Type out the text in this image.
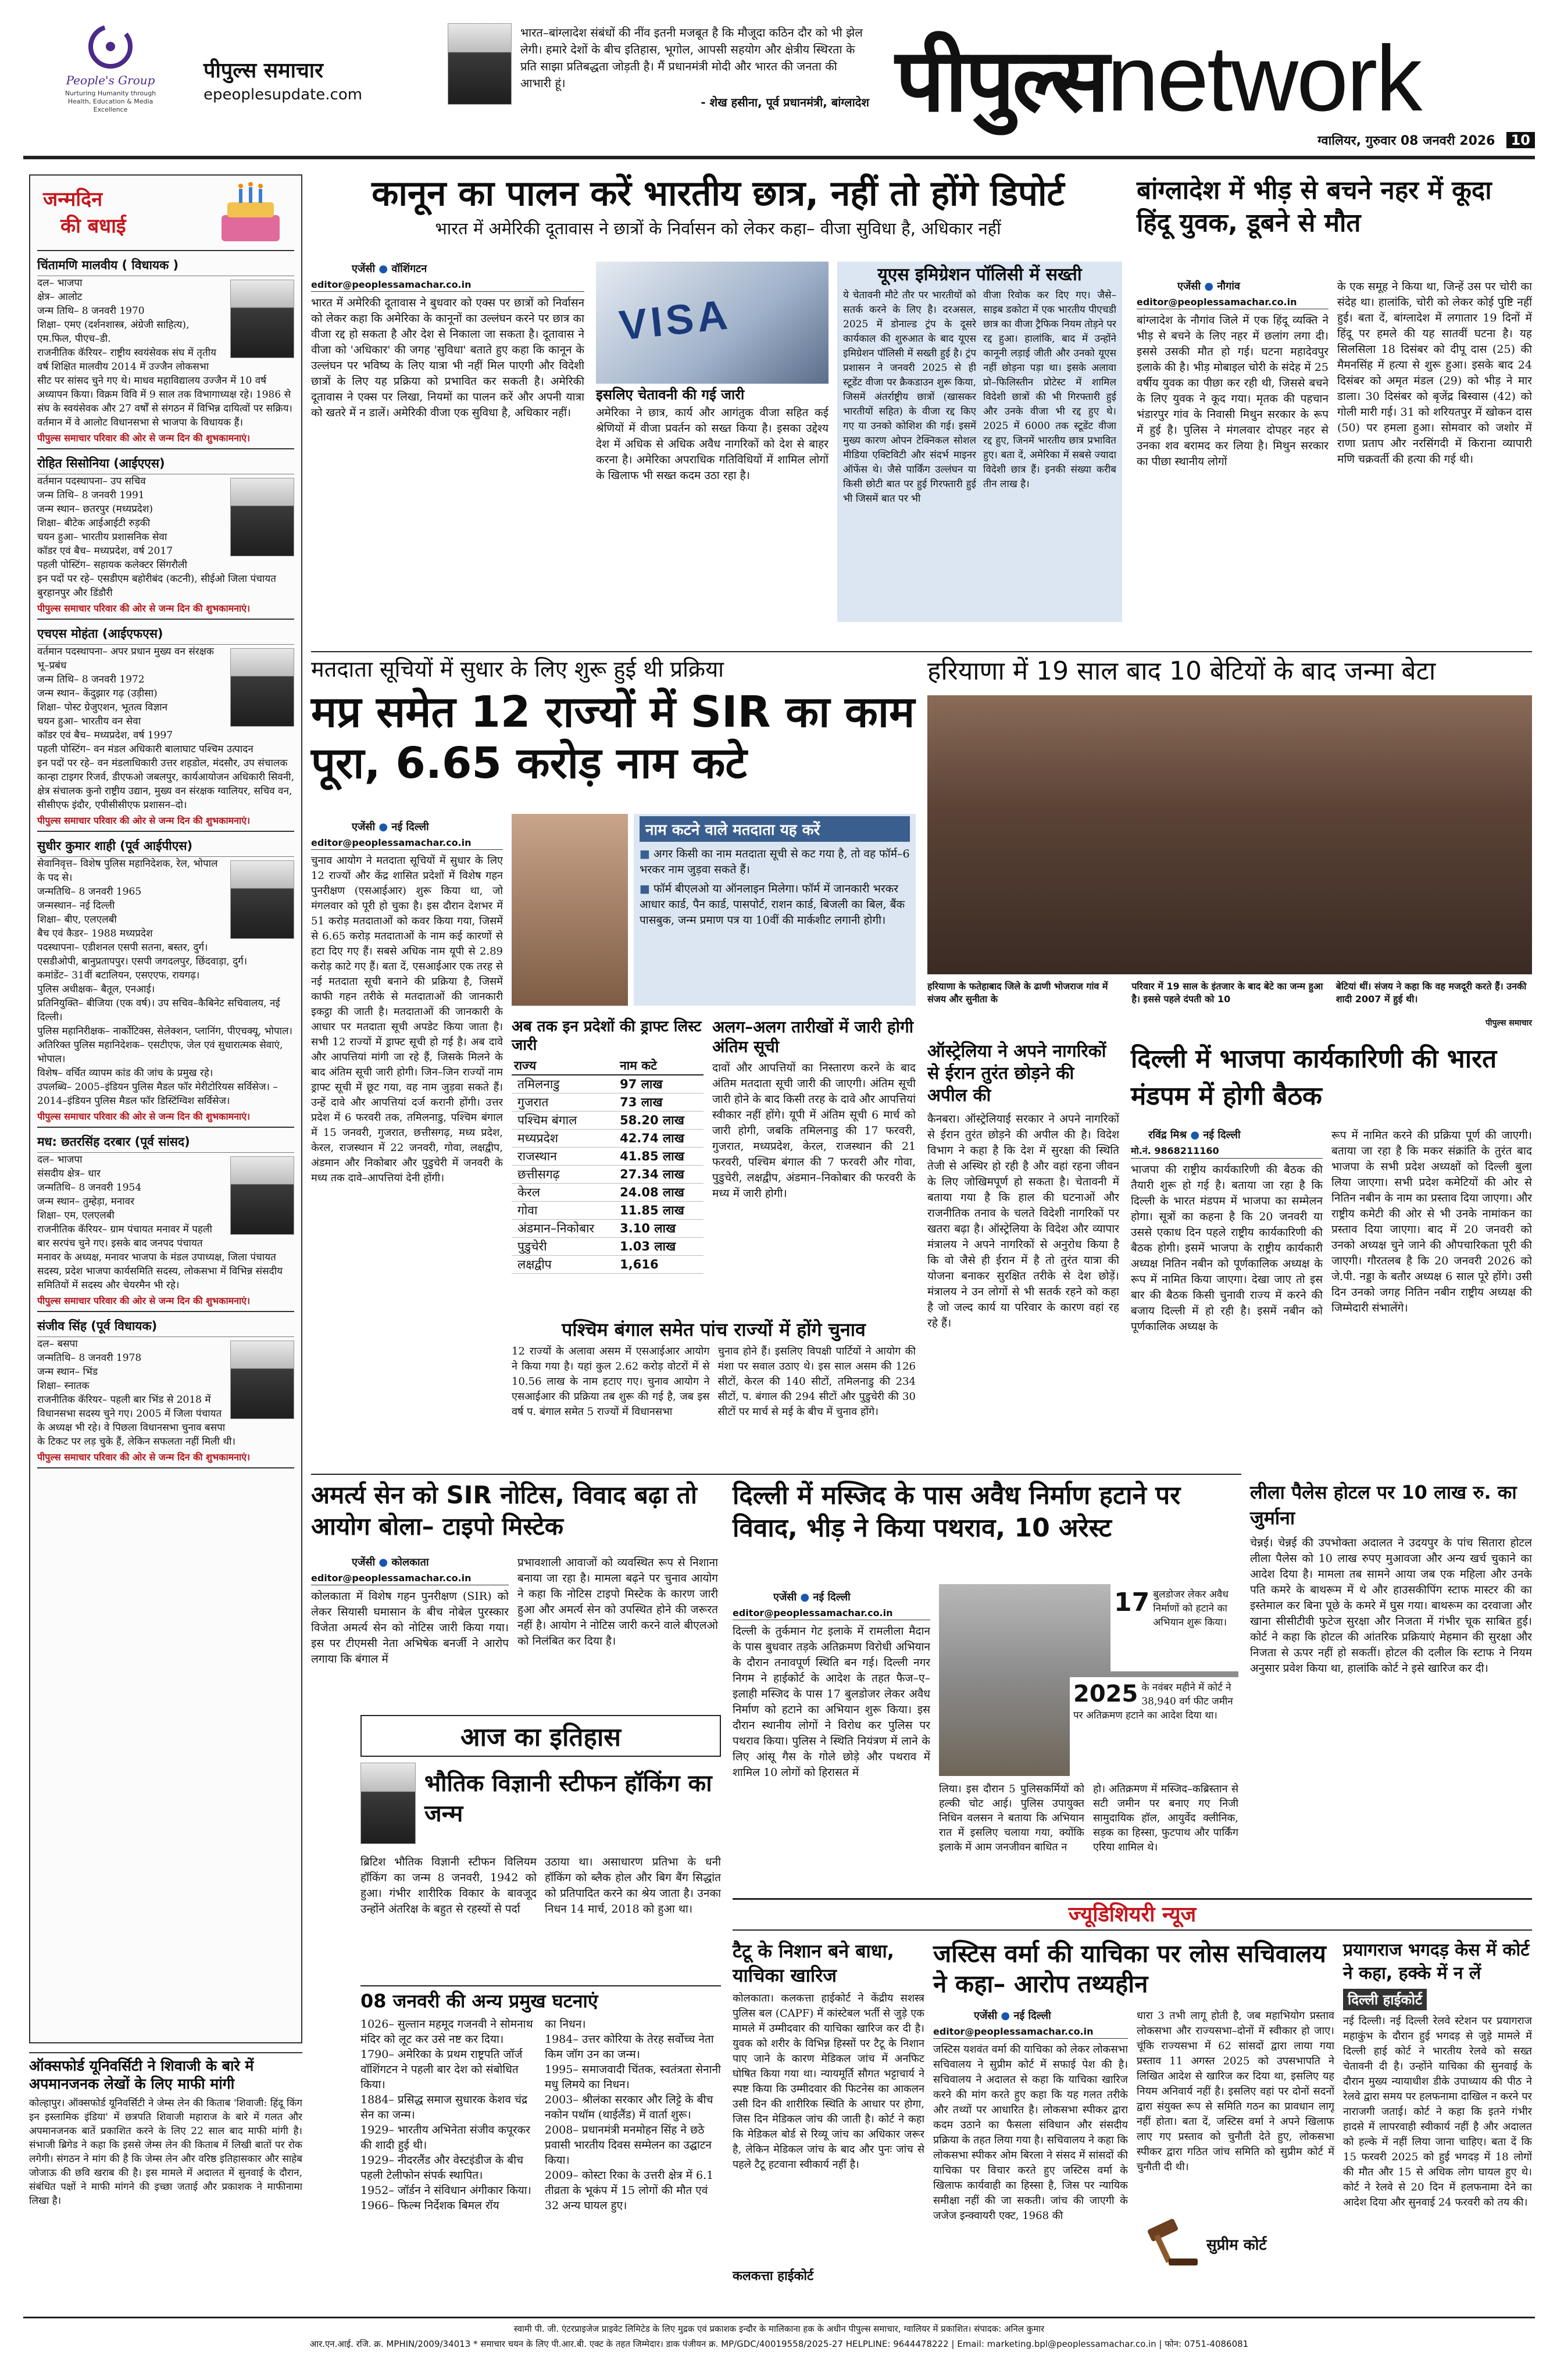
People's Group
Nurturing Humanity through Health, Education & Media Excellence
पीपुल्स समाचार
epeoplesupdate.com
भारत–बांग्लादेश संबंधों की नींव इतनी मजबूत है कि मौजूदा कठिन दौर को भी झेल लेगी। हमारे देशों के बीच इतिहास, भूगोल, आपसी सहयोग और क्षेत्रीय स्थिरता के प्रति साझा प्रतिबद्धता जोड़ती है। मैं प्रधानमंत्री मोदी और भारत की जनता की आभारी हूं।
- शेख हसीना, पूर्व प्रधानमंत्री, बांग्लादेश पीपुल्सnetwork
ग्वालियर, गुरुवार 08 जनवरी 2026 10
जन्मदिन
की बधाई
चिंतामणि मालवीय ( विधायक )
दल– भाजपा
क्षेत्र– आलोट
जन्म तिथि– 8 जनवरी 1970
शिक्षा– एमए (दर्शनशास्त्र, अंग्रेजी साहित्य), एम.फिल, पीएच–डी.
राजनीतिक कॅरियर– राष्ट्रीय स्वयंसेवक संघ में तृतीय वर्ष शिक्षित मालवीय 2014 में उज्जैन लोकसभा सीट पर सांसद चुने गए थे। माधव महाविद्यालय उज्जैन में 10 वर्ष अध्यापन किया। विक्रम विवि में 9 साल तक विभागाध्यक्ष रहे। 1986 से संघ के स्वयंसेवक और 27 वर्षों से संगठन में विभिन्न दायित्वों पर सक्रिय। वर्तमान में वे आलोट विधानसभा से भाजपा के विधायक हैं।
पीपुल्स समाचार परिवार की ओर से जन्म दिन की शुभकामनाएं।
रोहित सिसोनिया (आईएएस)
वर्तमान पदस्थापना– उप सचिव
जन्म तिथि– 8 जनवरी 1991
जन्म स्थान– छतरपुर (मध्यप्रदेश)
शिक्षा– बीटेक आईआईटी रुड़की
चयन हुआ– भारतीय प्रशासनिक सेवा
कॉडर एवं बैच– मध्यप्रदेश, वर्ष 2017
पहली पोस्टिंग– सहायक कलेक्टर सिंगरौली
इन पदों पर रहे– एसडीएम बहोरीबंद (कटनी), सीईओ जिला पंचायत बुरहानपुर और डिंडौरी
पीपुल्स समाचार परिवार की ओर से जन्म दिन की शुभकामनाएं।
एचएस मोहंता (आईएफएस)
वर्तमान पदस्थापना– अपर प्रधान मुख्य वन संरक्षक भू–प्रबंध
जन्म तिथि– 8 जनवरी 1972
जन्म स्थान– केंदुझार गढ़ (उड़ीसा)
शिक्षा– पोस्ट ग्रेजुएशन, भूतत्व विज्ञान
चयन हुआ– भारतीय वन सेवा
कॉडर एवं बैच– मध्यप्रदेश, वर्ष 1997
पहली पोस्टिंग– वन मंडल अधिकारी बालाघाट पश्चिम उत्पादन
इन पदों पर रहे– वन मंडलाधिकारी उत्तर शहडोल, मंदसौर, उप संचालक कान्हा टाइगर रिजर्व, डीएफओ जबलपुर, कार्यआयोजन अधिकारी सिवनी, क्षेत्र संचालक कुनो राष्ट्रीय उद्यान, मुख्य वन संरक्षक ग्वालियर, सचिव वन, सीसीएफ इंदौर, एपीसीसीएफ प्रशासन–दो।
पीपुल्स समाचार परिवार की ओर से जन्म दिन की शुभकामनाएं।
सुधीर कुमार शाही (पूर्व आईपीएस)
सेवानिवृत्त– विशेष पुलिस महानिदेशक, रेल, भोपाल के पद से।
जन्मतिथि– 8 जनवरी 1965
जन्मस्थान– नई दिल्ली
शिक्षा– बीए, एलएलबी
बैच एवं कैडर– 1988 मध्यप्रदेश
पदस्थापना– एडीशनल एसपी सतना, बस्तर, दुर्ग। एसडीओपी, बानुप्रतापपुर। एसपी जगदलपुर, छिंदवाड़ा, दुर्ग।
कमांडेंट– 31वीं बटालियन, एसएएफ, रायगढ़।
पुलिस अधीक्षक– बैतूल, एनआई।
प्रतिनियुक्ति– बीजिया (एक वर्ष)। उप सचिव–कैबिनेट सचिवालय, नई दिल्ली।
पुलिस महानिरीक्षक– नार्कोटिक्स, सेलेक्शन, प्लानिंग, पीएचक्यू, भोपाल।
अतिरिक्त पुलिस महानिदेशक– एसटीएफ, जेल एवं सुधारात्मक सेवाएं, भोपाल।
विशेष– वर्चित व्यापम कांड की जांच के प्रमुख रहे।
उपलब्धि– 2005–इंडियन पुलिस मैडल फॉर मेरीटोरियस सर्विसेज। –2014–इंडियन पुलिस मैडल फॉर डिस्टिंग्विश सर्विसेज।
पीपुल्स समाचार परिवार की ओर से जन्म दिन की शुभकामनाएं।
मध: छतरसिंह दरबार (पूर्व सांसद)
दल– भाजपा
संसदीय क्षेत्र– धार
जन्मतिथि– 8 जनवरी 1954
जन्म स्थान– तुम्हेड़ा, मनावर
शिक्षा– एम, एलएलबी
राजनीतिक कॅरियर– ग्राम पंचायत मनावर में पहली बार सरपंच चुने गए। इसके बाद जनपद पंचायत मनावर के अध्यक्ष, मनावर भाजपा के मंडल उपाध्यक्ष, जिला पंचायत सदस्य, प्रदेश भाजपा कार्यसमिति सदस्य, लोकसभा में विभिन्न संसदीय समितियों में सदस्य और चेयरमैन भी रहे।
पीपुल्स समाचार परिवार की ओर से जन्म दिन की शुभकामनाएं।
संजीव सिंह (पूर्व विधायक)
दल– बसपा
जन्मतिथि– 8 जनवरी 1978
जन्म स्थान– भिंड
शिक्षा– स्नातक
राजनीतिक कॅरियर– पहली बार भिंड से 2018 में विधानसभा सदस्य चुने गए। 2005 में जिला पंचायत के अध्यक्ष भी रहे। वे पिछला विधानसभा चुनाव बसपा के टिकट पर लड़ चुके हैं, लेकिन सफलता नहीं मिली थी।
पीपुल्स समाचार परिवार की ओर से जन्म दिन की शुभकामनाएं।
ऑक्सफोर्ड यूनिवर्सिटी ने शिवाजी के बारे में अपमानजनक लेखों के लिए माफी मांगी
कोल्हापुर। ऑक्सफोर्ड यूनिवर्सिटी ने जेम्स लेन की किताब 'शिवाजी: हिंदू किंग इन इस्लामिक इंडिया' में छत्रपति शिवाजी महाराज के बारे में गलत और अपमानजनक बातें प्रकाशित करने के लिए 22 साल बाद माफी मांगी है। संभाजी ब्रिगेड ने कहा कि इससे जेम्स लेन की किताब में लिखी बातों पर रोक लगेगी। संगठन ने मांग की है कि जेम्स लेन और वरिष्ठ इतिहासकार और साहेब जोजाऊ की छवि खराब की है। इस मामले में अदालत में सुनवाई के दौरान, संबंधित पक्षों ने माफी मांगने की इच्छा जताई और प्रकाशक ने माफीनामा लिखा है।
कानून का पालन करें भारतीय छात्र, नहीं तो होंगे डिपोर्ट
भारत में अमेरिकी दूतावास ने छात्रों के निर्वासन को लेकर कहा– वीजा सुविधा है, अधिकार नहीं
एजेंसी ● वॉशिंगटन
editor@peoplessamachar.co.in
भारत में अमेरिकी दूतावास ने बुधवार को एक्स पर छात्रों को निर्वासन को लेकर कहा कि अमेरिका के कानूनों का उल्लंघन करने पर छात्र का वीजा रद्द हो सकता है और देश से निकाला जा सकता है। दूतावास ने वीजा को 'अधिकार' की जगह 'सुविधा' बताते हुए कहा कि कानून के उल्लंघन पर भविष्य के लिए यात्रा भी नहीं मिल पाएगी और विदेशी छात्रों के लिए यह प्रक्रिया को प्रभावित कर सकती है। अमेरिकी दूतावास ने एक्स पर लिखा, नियमों का पालन करें और अपनी यात्रा को खतरे में न डालें। अमेरिकी वीजा एक सुविधा है, अधिकार नहीं।
VISA
इसलिए चेतावनी की गई जारी
अमेरिका ने छात्र, कार्य और आगंतुक वीजा सहित कई श्रेणियों में वीजा प्रवर्तन को सख्त किया है। इसका उद्देश्य देश में अधिक से अधिक अवैध नागरिकों को देश से बाहर करना है। अमेरिका अपराधिक गतिविधियों में शामिल लोगों के खिलाफ भी सख्त कदम उठा रहा है।
यूएस इमिग्रेशन पॉलिसी में सख्ती
ये चेतावनी मौटे तौर पर भारतीयों को सतर्क करने के लिए है। दरअसल, 2025 में डोनाल्ड ट्रंप के दूसरे कार्यकाल की शुरुआत के बाद यूएस इमिग्रेशन पॉलिसी में सख्ती हुई है। ट्रंप प्रशासन ने जनवरी 2025 से ही स्टूडेंट वीजा पर क्रैकडाउन शुरू किया, जिसमें अंतर्राष्ट्रीय छात्रों (खासकर भारतीयों सहित) के वीजा रद्द किए गए या उनको कोशिश की गई। इसमें मुख्य कारण ओपन टेक्निकल सोशल मीडिया एक्टिविटी और संदर्भ माइनर ऑफेंस थे। जैसे पार्किंग उल्लंघन या किसी छोटी बात पर हुई गिरफ्तारी हुई भी जिसमें बात पर भी
वीजा रिवोक कर दिए गए। जैसे– साइब डकोटा में एक भारतीय पीएचडी छात्र का वीजा ट्रैफिक नियम तोड़ने पर रद्द हुआ। हालांकि, बाद में उन्होंने कानूनी लड़ाई जीती और उनको यूएस नहीं छोड़ना पड़ा था। इसके अलावा प्रो–फिलिस्तीन प्रोटेस्ट में शामिल विदेशी छात्रों की भी गिरफ्तारी हुई और उनके वीजा भी रद्द हुए थे। 2025 में 6000 तक स्टूडेंट वीजा रद्द हुए, जिनमें भारतीय छात्र प्रभावित हुए। बता दें, अमेरिका में सबसे ज्यादा विदेशी छात्र हैं। इनकी संख्या करीब तीन लाख है।
बांग्लादेश में भीड़ से बचने नहर में कूदा हिंदू युवक, डूबने से मौत
एजेंसी ● नौगांव
editor@peoplessamachar.co.in
बांग्लादेश के नौगांव जिले में एक हिंदू व्यक्ति ने भीड़ से बचने के लिए नहर में छलांग लगा दी। इससे उसकी मौत हो गई। घटना महादेवपुर इलाके की है। भीड़ मोबाइल चोरी के संदेह में 25 वर्षीय युवक का पीछा कर रही थी, जिससे बचने के लिए युवक ने कूद गया। मृतक की पहचान भंडारपुर गांव के निवासी मिथुन सरकार के रूप में हुई है। पुलिस ने मंगलवार दोपहर नहर से उनका शव बरामद कर लिया है। मिथुन सरकार का पीछा स्थानीय लोगों
के एक समूह ने किया था, जिन्हें उस पर चोरी का संदेह था। हालांकि, चोरी को लेकर कोई पुष्टि नहीं हुई। बता दें, बांग्लादेश में लगातार 19 दिनों में हिंदू पर हमले की यह सातवीं घटना है। यह सिलसिला 18 दिसंबर को दीपू दास (25) की मैमनसिंह में हत्या से शुरू हुआ। इसके बाद 24 दिसंबर को अमृत मंडल (29) को भीड़ ने मार डाला। 30 दिसंबर को बृजेंद्र बिस्वास (42) को गोली मारी गई। 31 को शरियतपुर में खोकन दास (50) पर हमला हुआ। सोमवार को जशोर में राणा प्रताप और नरसिंगदी में किराना व्यापारी मणि चक्रवर्ती की हत्या की गई थी।
मतदाता सूचियों में सुधार के लिए शुरू हुई थी प्रक्रिया
मप्र समेत 12 राज्यों में SIR का काम पूरा, 6.65 करोड़ नाम कटे
एजेंसी ● नई दिल्ली
editor@peoplessamachar.co.in
चुनाव आयोग ने मतदाता सूचियों में सुधार के लिए 12 राज्यों और केंद्र शासित प्रदेशों में विशेष गहन पुनरीक्षण (एसआईआर) शुरू किया था, जो मंगलवार को पूरी हो चुका है। इस दौरान देशभर में 51 करोड़ मतदाताओं को कवर किया गया, जिसमें से 6.65 करोड़ मतदाताओं के नाम कई कारणों से हटा दिए गए हैं। सबसे अधिक नाम यूपी से 2.89 करोड़ काटे गए हैं। बता दें, एसआईआर एक तरह से नई मतदाता सूची बनाने की प्रक्रिया है, जिसमें काफी गहन तरीके से मतदाताओं की जानकारी इकट्ठा की जाती है। मतदाताओं की जानकारी के आधार पर मतदाता सूची अपडेट किया जाता है। सभी 12 राज्यों में ड्राफ्ट सूची हो गई है। अब दावे और आपत्तियां मांगी जा रहे हैं, जिसके मिलने के बाद अंतिम सूची जारी होगी। जिन–जिन राज्यों नाम ड्राफ्ट सूची में छूट गया, वह नाम जुड़वा सकते हैं। उन्हें दावे और आपत्तियां दर्ज करानी होंगी। उत्तर प्रदेश में 6 फरवरी तक, तमिलनाडु, पश्चिम बंगाल में 15 जनवरी, गुजरात, छत्तीसगढ़, मध्य प्रदेश, केरल, राजस्थान में 22 जनवरी, गोवा, लक्षद्वीप, अंडमान और निकोबार और पुडुचेरी में जनवरी के मध्य तक दावे–आपत्तियां देनी होंगी।
नाम कटने वाले मतदाता यह करें
■ अगर किसी का नाम मतदाता सूची से कट गया है, तो वह फॉर्म–6 भरकर नाम जुड़वा सकते हैं।
■ फॉर्म बीएलओ या ऑनलाइन मिलेगा। फॉर्म में जानकारी भरकर आधार कार्ड, पैन कार्ड, पासपोर्ट, राशन कार्ड, बिजली का बिल, बैंक पासबुक, जन्म प्रमाण पत्र या 10वीं की मार्कशीट लगानी होगी।
अब तक इन प्रदेशों की ड्राफ्ट लिस्ट जारी
राज्य	नाम कटे
तमिलनाडु	97 लाख
गुजरात	73 लाख
पश्चिम बंगाल	58.20 लाख
मध्यप्रदेश	42.74 लाख
राजस्थान	41.85 लाख
छत्तीसगढ़	27.34 लाख
केरल	24.08 लाख
गोवा	11.85 लाख
अंडमान–निकोबार	3.10 लाख
पुडुचेरी	1.03 लाख
लक्षद्वीप	1,616
अलग–अलग तारीखों में जारी होगी अंतिम सूची
दावों और आपत्तियों का निस्तारण करने के बाद अंतिम मतदाता सूची जारी की जाएगी। अंतिम सूची जारी होने के बाद किसी तरह के दावे और आपत्तियां स्वीकार नहीं होंगे। यूपी में अंतिम सूची 6 मार्च को जारी होगी, जबकि तमिलनाडु की 17 फरवरी, गुजरात, मध्यप्रदेश, केरल, राजस्थान की 21 फरवरी, पश्चिम बंगाल की 7 फरवरी और गोवा, पुडुचेरी, लक्षद्वीप, अंडमान–निकोबार की फरवरी के मध्य में जारी होगी।
पश्चिम बंगाल समेत पांच राज्यों में होंगे चुनाव
12 राज्यों के अलावा असम में एसआईआर आयोग ने किया गया है। यहां कुल 2.62 करोड़ वोटरों में से 10.56 लाख के नाम हटाए गए। चुनाव आयोग ने एसआईआर की प्रक्रिया तब शुरू की गई है, जब इस वर्ष प. बंगाल समेत 5 राज्यों में विधानसभा
चुनाव होने हैं। इसलिए विपक्षी पार्टियों ने आयोग की मंशा पर सवाल उठाए थे। इस साल असम की 126 सीटों, केरल की 140 सीटों, तमिलनाडु की 234 सीटों, प. बंगाल की 294 सीटों और पुडुचेरी की 30 सीटों पर मार्च से मई के बीच में चुनाव होंगे।
हरियाणा में 19 साल बाद 10 बेटियों के बाद जन्मा बेटा
हरियाणा के फतेहाबाद जिले के ढाणी भोजराज गांव में संजय और सुनीता के
परिवार में 19 साल के इंतजार के बाद बेटे का जन्म हुआ है। इससे पहले दंपती को 10
बेटियां थीं। संजय ने कहा कि वह मजदूरी करते हैं। उनकी शादी 2007 में हुई थी।
पीपुल्स समाचार
ऑस्ट्रेलिया ने अपने नागरिकों से ईरान तुरंत छोड़ने की अपील की
कैनबरा। ऑस्ट्रेलियाई सरकार ने अपने नागरिकों से ईरान तुरंत छोड़ने की अपील की है। विदेश विभाग ने कहा है कि देश में सुरक्षा की स्थिति तेजी से अस्थिर हो रही है और वहां रहना जीवन के लिए जोखिमपूर्ण हो सकता है। चेतावनी में बताया गया है कि हाल की घटनाओं और राजनीतिक तनाव के चलते विदेशी नागरिकों पर खतरा बढ़ा है। ऑस्ट्रेलिया के विदेश और व्यापार मंत्रालय ने अपने नागरिकों से अनुरोध किया है कि वो जैसे ही ईरान में है तो तुरंत यात्रा की योजना बनाकर सुरक्षित तरीके से देश छोड़ें। मंत्रालय ने उन लोगों से भी सतर्क रहने को कहा है जो जल्द कार्य या परिवार के कारण वहां रह रहे हैं।
दिल्ली में भाजपा कार्यकारिणी की भारत मंडपम में होगी बैठक
रविंद्र मिश्र ● नई दिल्ली
मो.नं. 9868211160
भाजपा की राष्ट्रीय कार्यकारिणी की बैठक की तैयारी शुरू हो गई है। बताया जा रहा है कि दिल्ली के भारत मंडपम में भाजपा का सम्मेलन होगा। सूत्रों का कहना है कि 20 जनवरी या उससे एकाध दिन पहले राष्ट्रीय कार्यकारिणी की बैठक होगी। इसमें भाजपा के राष्ट्रीय कार्यकारी अध्यक्ष नितिन नबीन को पूर्णकालिक अध्यक्ष के रूप में नामित किया जाएगा। देखा जाए तो इस बार की बैठक किसी चुनावी राज्य में करने की बजाय दिल्ली में हो रही है। इसमें नबीन को पूर्णकालिक अध्यक्ष के
रूप में नामित करने की प्रक्रिया पूर्ण की जाएगी। बताया जा रहा है कि मकर संक्रांति के तुरंत बाद भाजपा के सभी प्रदेश अध्यक्षों को दिल्ली बुला लिया जाएगा। सभी प्रदेश कमेटियों की ओर से नितिन नबीन के नाम का प्रस्ताव दिया जाएगा। और राष्ट्रीय कमेटी की ओर से भी उनके नामांकन का प्रस्ताव दिया जाएगा। बाद में 20 जनवरी को उनको अध्यक्ष चुने जाने की औपचारिकता पूरी की जाएगी। गौरतलब है कि 20 जनवरी 2026 को जे.पी. नड्डा के बतौर अध्यक्ष 6 साल पूरे होंगे। उसी दिन उनको जगह नितिन नबीन राष्ट्रीय अध्यक्ष की जिम्मेदारी संभालेंगे।
अमर्त्य सेन को SIR नोटिस, विवाद बढ़ा तो आयोग बोला– टाइपो मिस्टेक
एजेंसी ● कोलकाता
editor@peoplessamachar.co.in
कोलकाता में विशेष गहन पुनरीक्षण (SIR) को लेकर सियासी घमासान के बीच नोबेल पुरस्कार विजेता अमर्त्य सेन को नोटिस जारी किया गया। इस पर टीएमसी नेता अभिषेक बनर्जी ने आरोप लगाया कि बंगाल में
प्रभावशाली आवाजों को व्यवस्थित रूप से निशाना बनाया जा रहा है। मामला बढ़ने पर चुनाव आयोग ने कहा कि नोटिस टाइपो मिस्टेक के कारण जारी हुआ और अमर्त्य सेन को उपस्थित होने की जरूरत नहीं है। आयोग ने नोटिस जारी करने वाले बीएलओ को निलंबित कर दिया है।
आज का इतिहास
भौतिक विज्ञानी स्टीफन हॉकिंग का जन्म
ब्रिटिश भौतिक विज्ञानी स्टीफन विलियम हॉकिंग का जन्म 8 जनवरी, 1942 को हुआ। गंभीर शारीरिक विकार के बावजूद उन्होंने अंतरिक्ष के बहुत से रहस्यों से पर्दा
उठाया था। असाधारण प्रतिभा के धनी हॉकिंग को ब्लैक होल और बिग बैंग सिद्धांत को प्रतिपादित करने का श्रेय जाता है। उनका निधन 14 मार्च, 2018 को हुआ था।
08 जनवरी की अन्य प्रमुख घटनाएं
1026– सुल्तान महमूद गजनवी ने सोमनाथ मंदिर को लूट कर उसे नष्ट कर दिया।
1790– अमेरिका के प्रथम राष्ट्रपति जॉर्ज वॉशिंगटन ने पहली बार देश को संबोधित किया।
1884– प्रसिद्ध समाज सुधारक केशव चंद्र सेन का जन्म।
1929– भारतीय अभिनेता संजीव कपूरकर की शादी हुई थी।
1929– नीदरलैंड और वेस्टइंडीज के बीच पहली टेलीफोन संपर्क स्थापित।
1952– जॉर्डन ने संविधान अंगीकार किया।
1966– फिल्म निर्देशक बिमल रॉय
का निधन।
1984– उत्तर कोरिया के तेरह सर्वोच्च नेता किम जॉग उन का जन्म।
1995– समाजवादी चिंतक, स्वतंत्रता सेनानी मधु लिमये का निधन।
2003– श्रीलंका सरकार और लिट्टे के बीच नकोन पथॉम (थाईलैंड) में वार्ता शुरू।
2008– प्रधानमंत्री मनमोहन सिंह ने छठे प्रवासी भारतीय दिवस सम्मेलन का उद्घाटन किया।
2009– कोस्टा रिका के उत्तरी क्षेत्र में 6.1 तीव्रता के भूकंप में 15 लोगों की मौत एवं 32 अन्य घायल हुए।
दिल्ली में मस्जिद के पास अवैध निर्माण हटाने पर विवाद, भीड़ ने किया पथराव, 10 अरेस्ट
एजेंसी ● नई दिल्ली
editor@peoplessamachar.co.in
दिल्ली के तुर्कमान गेट इलाके में रामलीला मैदान के पास बुधवार तड़के अतिक्रमण विरोधी अभियान के दौरान तनावपूर्ण स्थिति बन गई। दिल्ली नगर निगम ने हाईकोर्ट के आदेश के तहत फैज–ए–इलाही मस्जिद के पास 17 बुलडोजर लेकर अवैध निर्माण को हटाने का अभियान शुरू किया। इस दौरान स्थानीय लोगों ने विरोध कर पुलिस पर पथराव किया। पुलिस ने स्थिति नियंत्रण में लाने के लिए आंसू गैस के गोले छोड़े और पथराव में शामिल 10 लोगों को हिरासत में
17 बुलडोजर लेकर अवैध निर्माणों को हटाने का अभियान शुरू किया।
2025 के नवंबर महीने में कोर्ट ने 38,940 वर्ग फीट जमीन पर अतिक्रमण हटाने का आदेश दिया था।
लिया। इस दौरान 5 पुलिसकर्मियों को हल्की चोट आई। पुलिस उपायुक्त निधिन वलसन ने बताया कि अभियान रात में इसलिए चलाया गया, क्योंकि इलाके में आम जनजीवन बाधित न
हो। अतिक्रमण में मस्जिद–कब्रिस्तान से सटी जमीन पर बनाए गए निजी सामुदायिक हॉल, आयुर्वेद क्लीनिक, सड़क का हिस्सा, फुटपाथ और पार्किंग एरिया शामिल थे।
लीला पैलेस होटल पर 10 लाख रु. का जुर्माना
चेन्नई। चेन्नई की उपभोक्ता अदालत ने उदयपुर के पांच सितारा होटल लीला पैलेस को 10 लाख रुपए मुआवजा और अन्य खर्च चुकाने का आदेश दिया है। मामला तब सामने आया जब एक महिला और उनके पति कमरे के बाथरूम में थे और हाउसकीपिंग स्टाफ मास्टर की का इस्तेमाल कर बिना पूछे के कमरे में घुस गया। बाथरूम का दरवाजा और खाना सीसीटीवी फुटेज सुरक्षा और निजता में गंभीर चूक साबित हुई। कोर्ट ने कहा कि होटल की आंतरिक प्रक्रियाएं मेहमान की सुरक्षा और निजता से ऊपर नहीं हो सकतीं। होटल की दलील कि स्टाफ ने नियम अनुसार प्रवेश किया था, हालांकि कोर्ट ने इसे खारिज कर दी।
ज्यूडिशियरी न्यूज
टैटू के निशान बने बाधा, याचिका खारिज
कोलकाता। कलकत्ता हाईकोर्ट ने केंद्रीय सशस्त्र पुलिस बल (CAPF) में कांस्टेबल भर्ती से जुड़े एक मामले में उम्मीदवार की याचिका खारिज कर दी है। युवक को शरीर के विभिन्न हिस्सों पर टैटू के निशान पाए जाने के कारण मेडिकल जांच में अनफिट घोषित किया गया था। न्यायमूर्ति सौगत भट्टाचार्य ने स्पष्ट किया कि उम्मीदवार की फिटनेस का आकलन उसी दिन की शारीरिक स्थिति के आधार पर होगा, जिस दिन मेडिकल जांच की जाती है। कोर्ट ने कहा कि मेडिकल बोर्ड से रिव्यू जांच का अधिकार जरूर है, लेकिन मेडिकल जांच के बाद और पुनः जांच से पहले टैटू हटवाना स्वीकार्य नहीं है।
कलकत्ता हाईकोर्ट
जस्टिस वर्मा की याचिका पर लोस सचिवालय ने कहा– आरोप तथ्यहीन
एजेंसी ● नई दिल्ली
editor@peoplessamachar.co.in
जस्टिस यशवंत वर्मा की याचिका को लेकर लोकसभा सचिवालय ने सुप्रीम कोर्ट में सफाई पेश की है। सचिवालय ने अदालत से कहा कि याचिका खारिज करने की मांग करते हुए कहा कि यह गलत तरीके और तथ्यों पर आधारित है। लोकसभा स्पीकर द्वारा कदम उठाने का फैसला संविधान और संसदीय प्रक्रिया के तहत लिया गया है। सचिवालय ने कहा कि लोकसभा स्पीकर ओम बिरला ने संसद में सांसदों की याचिका पर विचार करते हुए जस्टिस वर्मा के खिलाफ कार्यवाही का हिस्सा है, जिस पर न्यायिक समीक्षा नहीं की जा सकती। जांच की जाएगी के जजेज इन्क्वायरी एक्ट, 1968 की
धारा 3 तभी लागू होती है, जब महाभियोग प्रस्ताव लोकसभा और राज्यसभा–दोनों में स्वीकार हो जाए। चूंकि राज्यसभा में 62 सांसदों द्वारा लाया गया प्रस्ताव 11 अगस्त 2025 को उपसभापति ने लिखित आदेश से खारिज कर दिया था, इसलिए यह नियम अनिवार्य नहीं है। इसलिए वहां पर दोनों सदनों द्वारा संयुक्त रूप से समिति गठन का प्रावधान लागू नहीं होता। बता दें, जस्टिस वर्मा ने अपने खिलाफ लाए गए प्रस्ताव को चुनौती देते हुए, लोकसभा स्पीकर द्वारा गठित जांच समिति को सुप्रीम कोर्ट में चुनौती दी थी।
सुप्रीम कोर्ट
प्रयागराज भगदड़ केस में कोर्ट ने कहा, हक्के में न लें
दिल्ली हाईकोर्ट
नई दिल्ली। नई दिल्ली रेलवे स्टेशन पर प्रयागराज महाकुंभ के दौरान हुई भगदड़ से जुड़े मामले में दिल्ली हाई कोर्ट ने भारतीय रेलवे को सख्त चेतावनी दी है। उन्होंने याचिका की सुनवाई के दौरान मुख्य न्यायाधीश डीके उपाध्याय की पीठ ने रेलवे द्वारा समय पर हलफनामा दाखिल न करने पर नाराजगी जताई। कोर्ट ने कहा कि इतने गंभीर हादसे में लापरवाही स्वीकार्य नहीं है और अदालत को हल्के में नहीं लिया जाना चाहिए। बता दें कि 15 फरवरी 2025 को हुई भगदड़ में 18 लोगों की मौत और 15 से अधिक लोग घायल हुए थे। कोर्ट ने रेलवे से 20 दिन में हलफनामा देने का आदेश दिया और सुनवाई 24 फरवरी को तय की।
स्वामी पी. जी. एंटरप्राइजेज प्राइवेट लिमिटेड के लिए मुद्रक एवं प्रकाशक इन्दौर के मालिकाना हक के अधीन पीपुल्स समाचार, ग्वालियर में प्रकाशित। संपादक: अनिल कुमार
आर.एन.आई. रजि. क्र. MPHIN/2009/34013 * समाचार चयन के लिए पी.आर.बी. एक्ट के तहत जिम्मेदार। डाक पंजीयन क्र. MP/GDC/40019558/2025-27 HELPLINE: 9644478222 | Email: marketing.bpl@peoplessamachar.co.in | फोन: 0751-4086081
